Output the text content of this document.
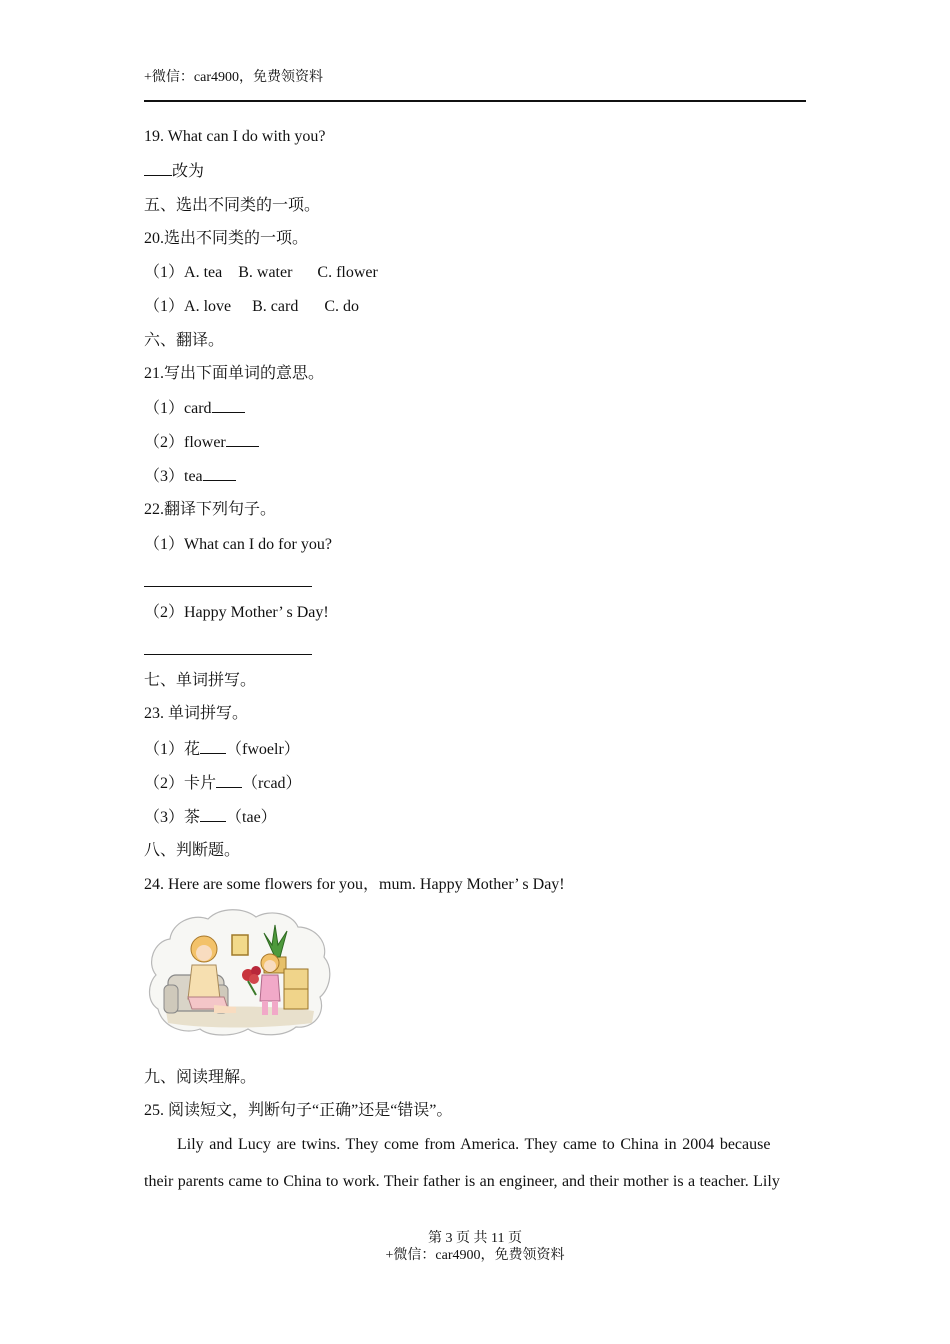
+微信：car4900，免费领资料
19. What can I do with you?
改为
五、选出不同类的一项。
20.选出不同类的一项。
（1）A. tea B. water C. flower
（1）A. love B. card C. do
六、翻译。
21.写出下面单词的意思。
（1）card
（2）flower
（3）tea
22.翻译下列句子。
（1）What can I do for you?
（2）Happy Mother’ s Day!
七、单词拼写。
23. 单词拼写。
（1）花 （fwoelr）
（2）卡片 （rcad）
（3）茶 （tae）
八、判断题。
24. Here are some flowers for you，mum. Happy Mother’ s Day!
九、阅读理解。
25. 阅读短文，判断句子“正确”还是“错误”。
Lily and Lucy are twins. They come from America. They came to China in 2004 because
their parents came to China to work. Their father is an engineer, and their mother is a teacher. Lily
第 3 页 共 11 页
+微信：car4900，免费领资料
